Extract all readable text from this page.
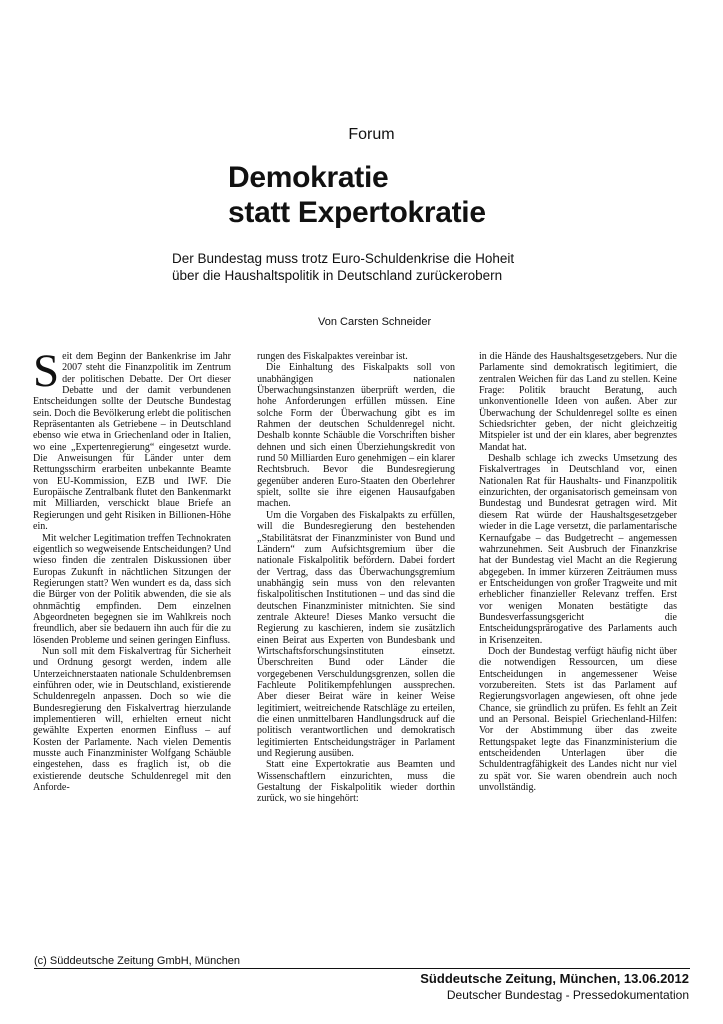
Forum
Demokratie
statt Expertokratie

Der Bundestag muss trotz Euro-Schuldenkrise die Hoheit
über die Haushaltspolitik in Deutschland zurückerobern

Von Carsten Schneider

Seit dem Beginn der Bankenkrise im Jahr 2007 steht die Finanzpolitik im Zentrum der politischen Debatte. Der Ort dieser Debatte und der damit verbundenen Entscheidungen sollte der Deutsche Bundestag sein. Doch die Bevölkerung erlebt die politischen Repräsentanten als Getriebene – in Deutschland ebenso wie etwa in Griechenland oder in Italien, wo eine „Expertenregierung“ eingesetzt wurde. Die Anweisungen für Länder unter dem Rettungsschirm erarbeiten unbekannte Beamte von EU-Kommission, EZB und IWF. Die Europäische Zentralbank flutet den Bankenmarkt mit Milliarden, verschickt blaue Briefe an Regierungen und geht Risiken in Billionen-Höhe ein.

Mit welcher Legitimation treffen Technokraten eigentlich so wegweisende Entscheidungen? Und wieso finden die zentralen Diskussionen über Europas Zukunft in nächtlichen Sitzungen der Regierungen statt? Wen wundert es da, dass sich die Bürger von der Politik abwenden, die sie als ohnmächtig empfinden. Dem einzelnen Abgeordneten begegnen sie im Wahlkreis noch freundlich, aber sie bedauern ihn auch für die zu lösenden Probleme und seinen geringen Einfluss.

Nun soll mit dem Fiskalvertrag für Sicherheit und Ordnung gesorgt werden, indem alle Unterzeichnerstaaten nationale Schuldenbremsen einführen oder, wie in Deutschland, existierende Schuldenregeln anpassen. Doch so wie die Bundesregierung den Fiskalvertrag hierzulande implementieren will, erhielten erneut nicht gewählte Experten enormen Einfluss – auf Kosten der Parlamente. Nach vielen Dementis musste auch Finanzminister Wolfgang Schäuble eingestehen, dass es fraglich ist, ob die existierende deutsche Schuldenregel mit den Anforde-

rungen des Fiskalpaktes vereinbar ist.

Die Einhaltung des Fiskalpakts soll von unabhängigen nationalen Überwachungsinstanzen überprüft werden, die hohe Anforderungen erfüllen müssen. Eine solche Form der Überwachung gibt es im Rahmen der deutschen Schuldenregel nicht. Deshalb konnte Schäuble die Vorschriften bisher dehnen und sich einen Überziehungskredit von rund 50 Milliarden Euro genehmigen – ein klarer Rechtsbruch. Bevor die Bundesregierung gegenüber anderen Euro-Staaten den Oberlehrer spielt, sollte sie ihre eigenen Hausaufgaben machen.

Um die Vorgaben des Fiskalpakts zu erfüllen, will die Bundesregierung den bestehenden „Stabilitätsrat der Finanzminister von Bund und Ländern“ zum Aufsichtsgremium über die nationale Fiskalpolitik befördern. Dabei fordert der Vertrag, dass das Überwachungsgremium unabhängig sein muss von den relevanten fiskalpolitischen Institutionen – und das sind die deutschen Finanzminister mitnichten. Sie sind zentrale Akteure! Dieses Manko versucht die Regierung zu kaschieren, indem sie zusätzlich einen Beirat aus Experten von Bundesbank und Wirtschaftsforschungsinstituten einsetzt. Überschreiten Bund oder Länder die vorgegebenen Verschuldungsgrenzen, sollen die Fachleute Politikempfehlungen aussprechen. Aber dieser Beirat wäre in keiner Weise legitimiert, weitreichende Ratschläge zu erteilen, die einen unmittelbaren Handlungsdruck auf die politisch verantwortlichen und demokratisch legitimierten Entscheidungsträger in Parlament und Regierung ausüben.

Statt eine Expertokratie aus Beamten und Wissenschaftlern einzurichten, muss die Gestaltung der Fiskalpolitik wieder dorthin zurück, wo sie hingehört:

in die Hände des Haushaltsgesetzgebers. Nur die Parlamente sind demokratisch legitimiert, die zentralen Weichen für das Land zu stellen. Keine Frage: Politik braucht Beratung, auch unkonventionelle Ideen von außen. Aber zur Überwachung der Schuldenregel sollte es einen Schiedsrichter geben, der nicht gleichzeitig Mitspieler ist und der ein klares, aber begrenztes Mandat hat.

Deshalb schlage ich zwecks Umsetzung des Fiskalvertrages in Deutschland vor, einen Nationalen Rat für Haushalts- und Finanzpolitik einzurichten, der organisatorisch gemeinsam von Bundestag und Bundesrat getragen wird. Mit diesem Rat würde der Haushaltsgesetzgeber wieder in die Lage versetzt, die parlamentarische Kernaufgabe – das Budgetrecht – angemessen wahrzunehmen. Seit Ausbruch der Finanzkrise hat der Bundestag viel Macht an die Regierung abgegeben. In immer kürzeren Zeiträumen muss er Entscheidungen von großer Tragweite und mit erheblicher finanzieller Relevanz treffen. Erst vor wenigen Monaten bestätigte das Bundesverfassungsgericht die Entscheidungsprärogative des Parlaments auch in Krisenzeiten.

Doch der Bundestag verfügt häufig nicht über die notwendigen Ressourcen, um diese Entscheidungen in angemessener Weise vorzubereiten. Stets ist das Parlament auf Regierungsvorlagen angewiesen, oft ohne jede Chance, sie gründlich zu prüfen. Es fehlt an Zeit und an Personal. Beispiel Griechenland-Hilfen: Vor der Abstimmung über das zweite Rettungspaket legte das Finanzministerium die entscheidenden Unterlagen über die Schuldentragfähigkeit des Landes nicht nur viel zu spät vor. Sie waren obendrein auch noch unvollständig.

(c) Süddeutsche Zeitung GmbH, München
Süddeutsche Zeitung, München, 13.06.2012
Deutscher Bundestag - Pressedokumentation
